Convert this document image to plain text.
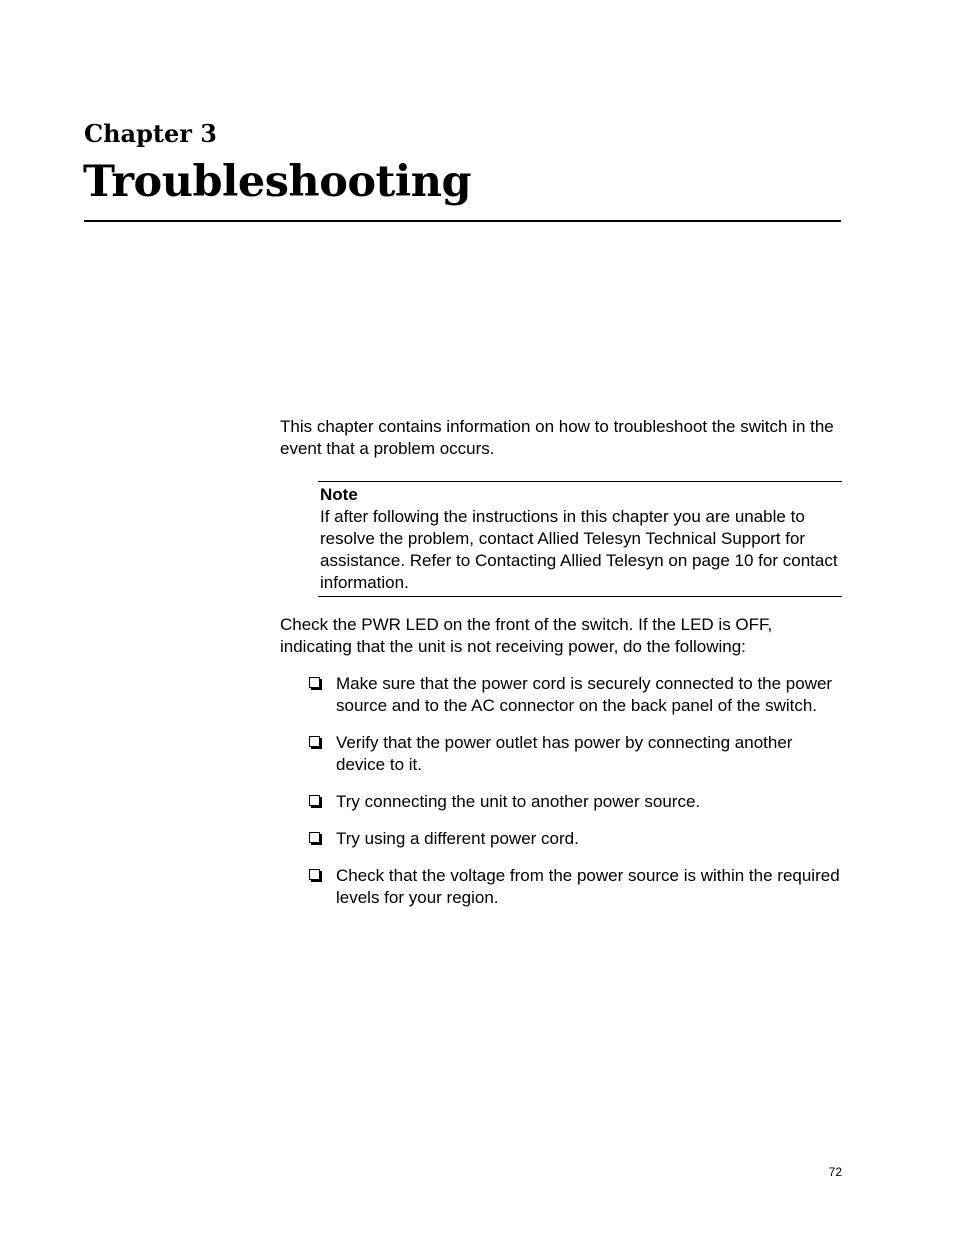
Chapter 3
Troubleshooting

This chapter contains information on how to troubleshoot the switch in the event that a problem occurs.

Note

If after following the instructions in this chapter you are unable to resolve the problem, contact Allied Telesyn Technical Support for assistance. Refer to Contacting Allied Telesyn on page 10 for contact information.

Check the PWR LED on the front of the switch. If the LED is OFF, indicating that the unit is not receiving power, do the following:

Make sure that the power cord is securely connected to the power source and to the AC connector on the back panel of the switch.
Verify that the power outlet has power by connecting another device to it.
Try connecting the unit to another power source.
Try using a different power cord.
Check that the voltage from the power source is within the required levels for your region.
72
